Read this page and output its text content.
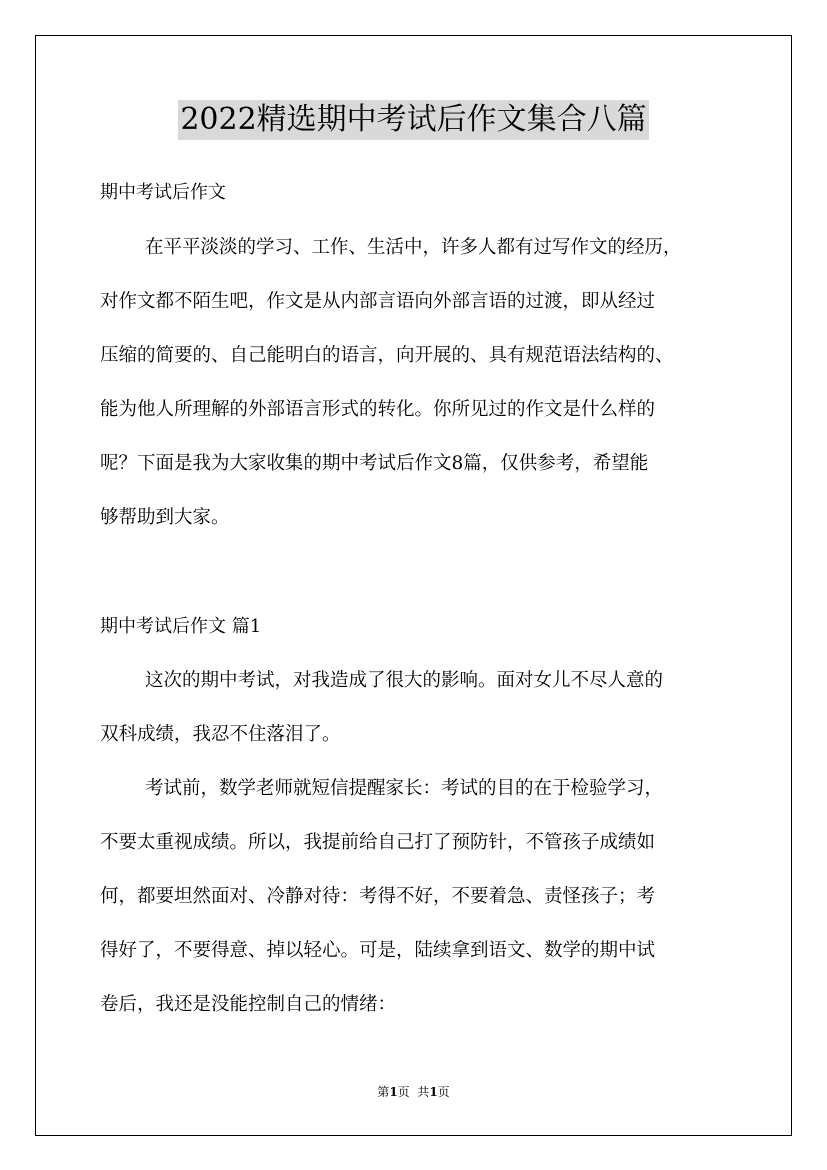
2022精选期中考试后作文集合八篇
期中考试后作文
在平平淡淡的学习、工作、生活中，许多人都有过写作文的经历，
对作文都不陌生吧，作文是从内部言语向外部言语的过渡，即从经过
压缩的简要的、自己能明白的语言，向开展的、具有规范语法结构的、
能为他人所理解的外部语言形式的转化。你所见过的作文是什么样的
呢？下面是我为大家收集的期中考试后作文8篇，仅供参考，希望能
够帮助到大家。
期中考试后作文 篇1
这次的期中考试，对我造成了很大的影响。面对女儿不尽人意的
双科成绩，我忍不住落泪了。
考试前，数学老师就短信提醒家长：考试的目的在于检验学习，
不要太重视成绩。所以，我提前给自己打了预防针，不管孩子成绩如
何，都要坦然面对、冷静对待：考得不好，不要着急、责怪孩子；考
得好了，不要得意、掉以轻心。可是，陆续拿到语文、数学的期中试
卷后，我还是没能控制自己的情绪：
第1页  共1页
